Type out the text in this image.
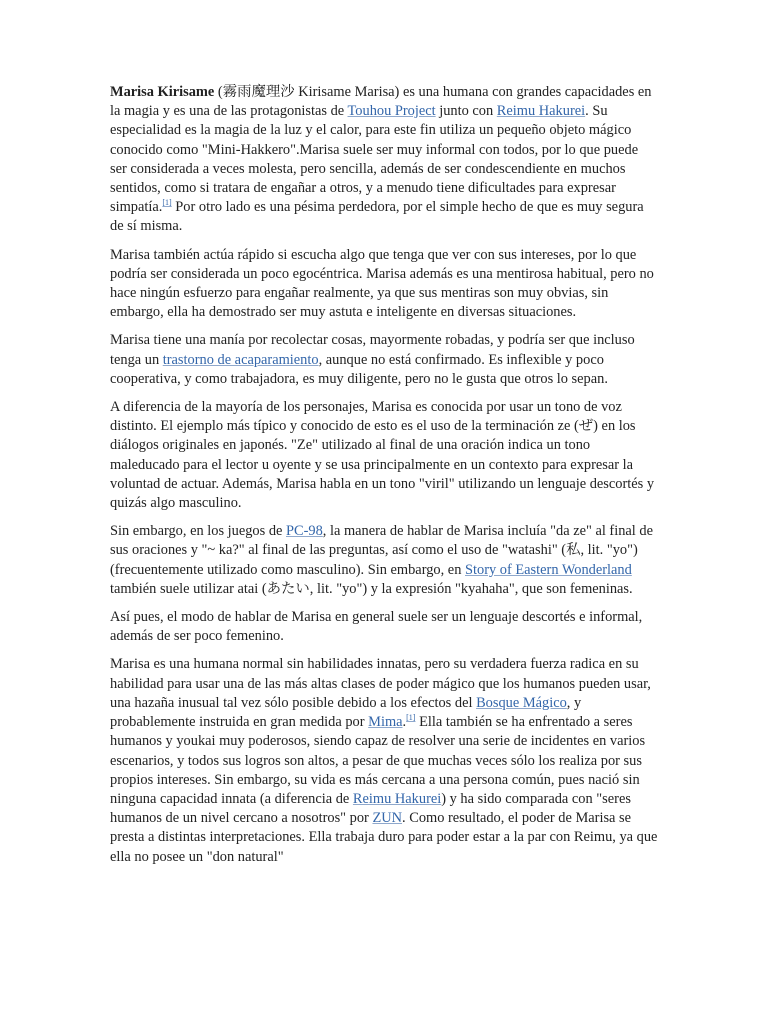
Marisa Kirisame (霧雨魔理沙 Kirisame Marisa) es una humana con grandes capacidades en la magia y es una de las protagonistas de Touhou Project junto con Reimu Hakurei. Su especialidad es la magia de la luz y el calor, para este fin utiliza un pequeño objeto mágico conocido como "Mini-Hakkero".Marisa suele ser muy informal con todos, por lo que puede ser considerada a veces molesta, pero sencilla, además de ser condescendiente en muchos sentidos, como si tratara de engañar a otros, y a menudo tiene dificultades para expresar simpatía.[1] Por otro lado es una pésima perdedora, por el simple hecho de que es muy segura de sí misma.

Marisa también actúa rápido si escucha algo que tenga que ver con sus intereses, por lo que podría ser considerada un poco egocéntrica. Marisa además es una mentirosa habitual, pero no hace ningún esfuerzo para engañar realmente, ya que sus mentiras son muy obvias, sin embargo, ella ha demostrado ser muy astuta e inteligente en diversas situaciones.

Marisa tiene una manía por recolectar cosas, mayormente robadas, y podría ser que incluso tenga un trastorno de acaparamiento, aunque no está confirmado. Es inflexible y poco cooperativa, y como trabajadora, es muy diligente, pero no le gusta que otros lo sepan.

A diferencia de la mayoría de los personajes, Marisa es conocida por usar un tono de voz distinto. El ejemplo más típico y conocido de esto es el uso de la terminación ze (ぜ) en los diálogos originales en japonés. "Ze" utilizado al final de una oración indica un tono maleducado para el lector u oyente y se usa principalmente en un contexto para expresar la voluntad de actuar. Además, Marisa habla en un tono "viril" utilizando un lenguaje descortés y quizás algo masculino.

Sin embargo, en los juegos de PC-98, la manera de hablar de Marisa incluía "da ze" al final de sus oraciones y "~ ka?" al final de las preguntas, así como el uso de "watashi" (私, lit. "yo") (frecuentemente utilizado como masculino). Sin embargo, en Story of Eastern Wonderland también suele utilizar atai (あたい, lit. "yo") y la expresión "kyahaha", que son femeninas.

Así pues, el modo de hablar de Marisa en general suele ser un lenguaje descortés e informal, además de ser poco femenino.

Marisa es una humana normal sin habilidades innatas, pero su verdadera fuerza radica en su habilidad para usar una de las más altas clases de poder mágico que los humanos pueden usar, una hazaña inusual tal vez sólo posible debido a los efectos del Bosque Mágico, y probablemente instruida en gran medida por Mima.[1] Ella también se ha enfrentado a seres humanos y youkai muy poderosos, siendo capaz de resolver una serie de incidentes en varios escenarios, y todos sus logros son altos, a pesar de que muchas veces sólo los realiza por sus propios intereses. Sin embargo, su vida es más cercana a una persona común, pues nació sin ninguna capacidad innata (a diferencia de Reimu Hakurei) y ha sido comparada con "seres humanos de un nivel cercano a nosotros" por ZUN. Como resultado, el poder de Marisa se presta a distintas interpretaciones. Ella trabaja duro para poder estar a la par con Reimu, ya que ella no posee un "don natural"
